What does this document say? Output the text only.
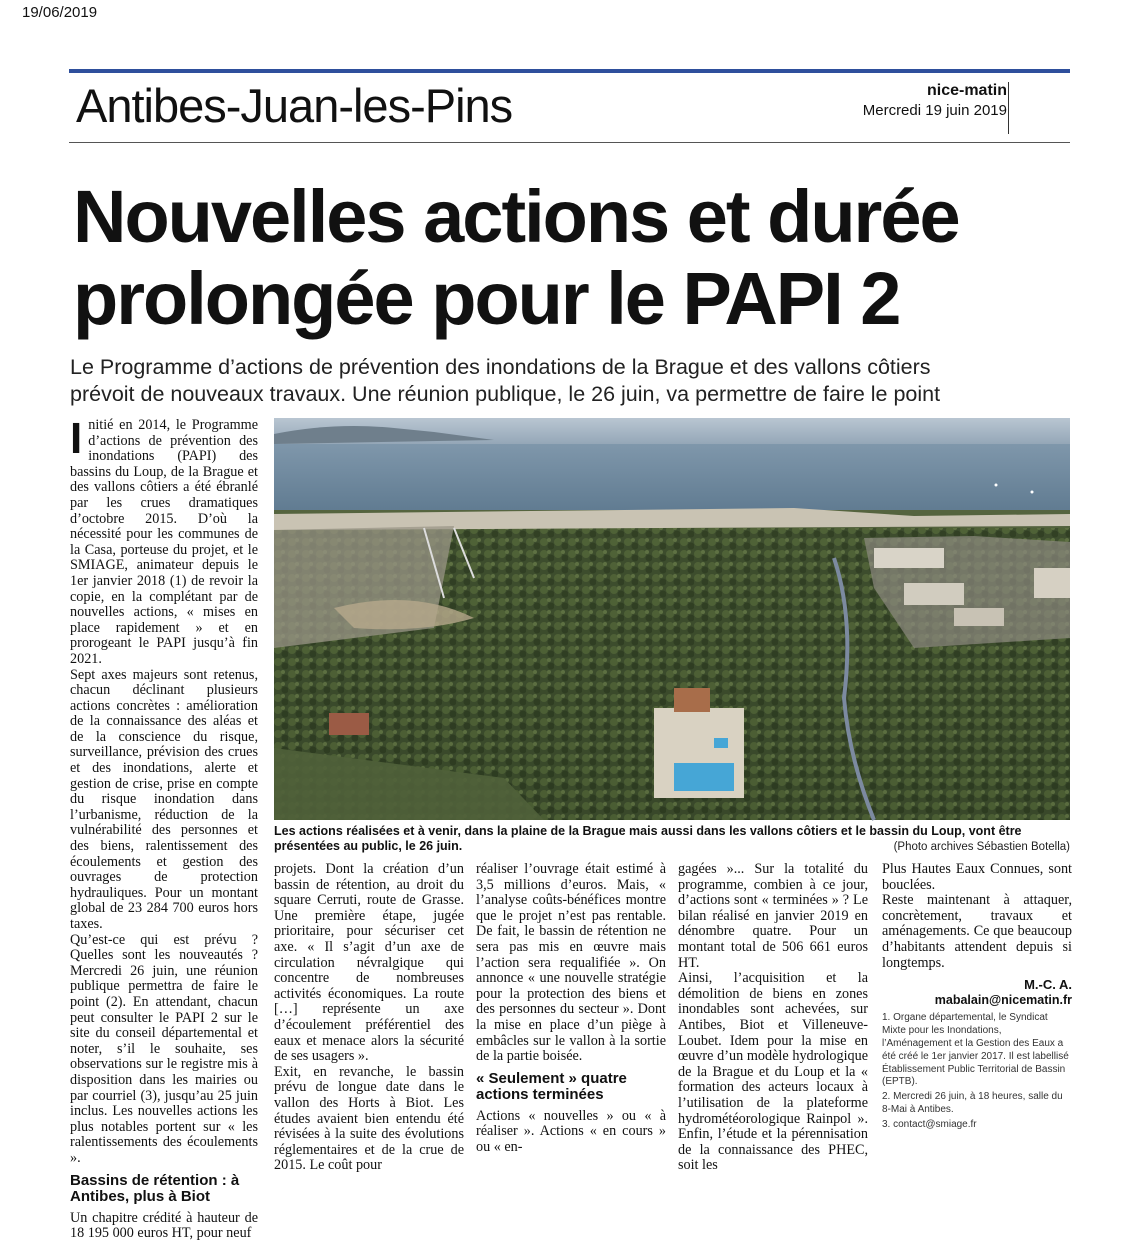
19/06/2019
Antibes-Juan-les-Pins	nice-matin
Mercredi 19 juin 2019
Nouvelles actions et durée
prolongée pour le PAPI 2
Le Programme d’actions de prévention des inondations de la Brague et des vallons côtiers
prévoit de nouveaux travaux. Une réunion publique, le 26 juin, va permettre de faire le point

Initié en 2014, le Programme d’actions de prévention des inondations (PAPI) des bassins du Loup, de la Brague et des vallons côtiers a été ébranlé par les crues dramatiques d’octobre 2015. D’où la nécessité pour les communes de la Casa, porteuse du projet, et le SMIAGE, animateur depuis le 1er janvier 2018 (1) de revoir la copie, en la complétant par de nouvelles actions, « mises en place rapidement » et en prorogeant le PAPI jusqu’à fin 2021.

Sept axes majeurs sont retenus, chacun déclinant plusieurs actions concrètes : amélioration de la connaissance des aléas et de la conscience du risque, surveillance, prévision des crues et des inondations, alerte et gestion de crise, prise en compte du risque inondation dans l’urbanisme, réduction de la vulnérabilité des personnes et des biens, ralentissement des écoulements et gestion des ouvrages de protection hydrauliques. Pour un montant global de 23 284 700 euros hors taxes.

Qu’est-ce qui est prévu ? Quelles sont les nouveautés ? Mercredi 26 juin, une réunion publique permettra de faire le point (2). En attendant, chacun peut consulter le PAPI 2 sur le site du conseil départemental et noter, s’il le souhaite, ses observations sur le registre mis à disposition dans les mairies ou par courriel (3), jusqu’au 25 juin inclus. Les nouvelles actions les plus notables portent sur « les ralentissements des écoulements ».

Bassins de rétention : à Antibes, plus à Biot

Un chapitre crédité à hauteur de 18 195 000 euros HT, pour neuf

Les actions réalisées et à venir, dans la plaine de la Brague mais aussi dans les vallons côtiers et le bassin du Loup, vont être présentées au public, le 26 juin.	(Photo archives Sébastien Botella)

projets. Dont la création d’un bassin de rétention, au droit du square Cerruti, route de Grasse. Une première étape, jugée prioritaire, pour sécuriser cet axe. « Il s’agit d’un axe de circulation névralgique qui concentre de nombreuses activités économiques. La route […] représente un axe d’écoulement préférentiel des eaux et menace alors la sécurité de ses usagers ».

Exit, en revanche, le bassin prévu de longue date dans le vallon des Horts à Biot. Les études avaient bien entendu été révisées à la suite des évolutions réglementaires et de la crue de 2015. Le coût pour

réaliser l’ouvrage était estimé à 3,5 millions d’euros. Mais, « l’analyse coûts-bénéfices montre que le projet n’est pas rentable. De fait, le bassin de rétention ne sera pas mis en œuvre mais l’action sera requalifiée ». On annonce « une nouvelle stratégie pour la protection des biens et des personnes du secteur ». Dont la mise en place d’un piège à embâcles sur le vallon à la sortie de la partie boisée.

« Seulement » quatre actions terminées

Actions « nouvelles » ou « à réaliser ». Actions « en cours » ou « en-

gagées »... Sur la totalité du programme, combien à ce jour, d’actions sont « terminées » ? Le bilan réalisé en janvier 2019 en dénombre quatre. Pour un montant total de 506 661 euros HT.

Ainsi, l’acquisition et la démolition de biens en zones inondables sont achevées, sur Antibes, Biot et Villeneuve-Loubet. Idem pour la mise en œuvre d’un modèle hydrologique de la Brague et du Loup et la « formation des acteurs locaux à l’utilisation de la plateforme hydrométéorologique Rainpol ». Enfin, l’étude et la pérennisation de la connaissance des PHEC, soit les

Plus Hautes Eaux Connues, sont bouclées.

Reste maintenant à attaquer, concrètement, travaux et aménagements. Ce que beaucoup d’habitants attendent depuis si longtemps.

M.-C. A.

mabalain@nicematin.fr

1. Organe départemental, le Syndicat Mixte pour les Inondations, l’Aménagement et la Gestion des Eaux a été créé le 1er janvier 2017. Il est labellisé Établissement Public Territorial de Bassin (EPTB).
2. Mercredi 26 juin, à 18 heures, salle du 8-Mai à Antibes.
3. contact@smiage.fr
